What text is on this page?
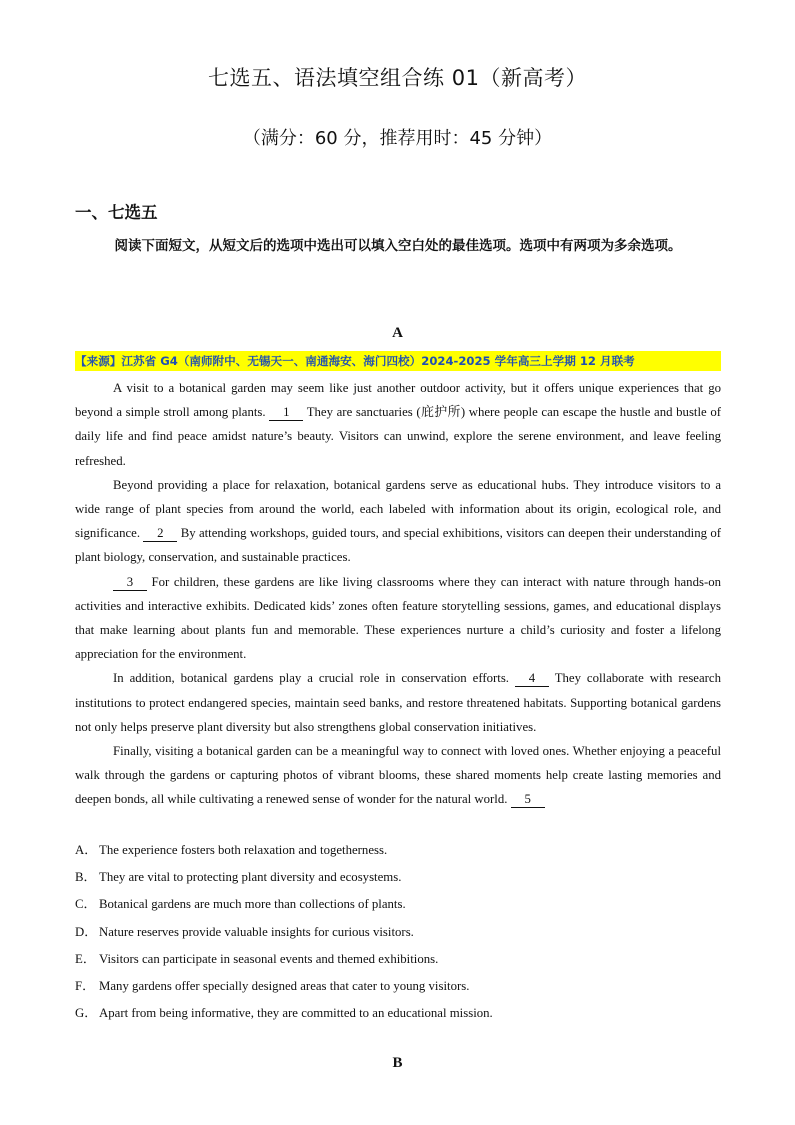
七选五、语法填空组合练 01（新高考）
（满分：60 分，推荐用时：45 分钟）
一、七选五
阅读下面短文，从短文后的选项中选出可以填入空白处的最佳选项。选项中有两项为多余选项。
A
【来源】江苏省 G4（南师附中、无锡天一、南通海安、海门四校）2024-2025 学年高三上学期 12 月联考

A visit to a botanical garden may seem like just another outdoor activity, but it offers unique experiences that go beyond a simple stroll among plants. 1 They are sanctuaries (庇护所) where people can escape the hustle and bustle of daily life and find peace amidst nature’s beauty. Visitors can unwind, explore the serene environment, and leave feeling refreshed.

Beyond providing a place for relaxation, botanical gardens serve as educational hubs. They introduce visitors to a wide range of plant species from around the world, each labeled with information about its origin, ecological role, and significance. 2 By attending workshops, guided tours, and special exhibitions, visitors can deepen their understanding of plant biology, conservation, and sustainable practices.

3 For children, these gardens are like living classrooms where they can interact with nature through hands-on activities and interactive exhibits. Dedicated kids’ zones often feature storytelling sessions, games, and educational displays that make learning about plants fun and memorable. These experiences nurture a child’s curiosity and foster a lifelong appreciation for the environment.

In addition, botanical gardens play a crucial role in conservation efforts. 4 They collaborate with research institutions to protect endangered species, maintain seed banks, and restore threatened habitats. Supporting botanical gardens not only helps preserve plant diversity but also strengthens global conservation initiatives.

Finally, visiting a botanical garden can be a meaningful way to connect with loved ones. Whether enjoying a peaceful walk through the gardens or capturing photos of vibrant blooms, these shared moments help create lasting memories and deepen bonds, all while cultivating a renewed sense of wonder for the natural world. 5

A． The experience fosters both relaxation and togetherness.
B． They are vital to protecting plant diversity and ecosystems.
C． Botanical gardens are much more than collections of plants.
D． Nature reserves provide valuable insights for curious visitors.
E． Visitors can participate in seasonal events and themed exhibitions.
F． Many gardens offer specially designed areas that cater to young visitors.
G． Apart from being informative, they are committed to an educational mission.
B
